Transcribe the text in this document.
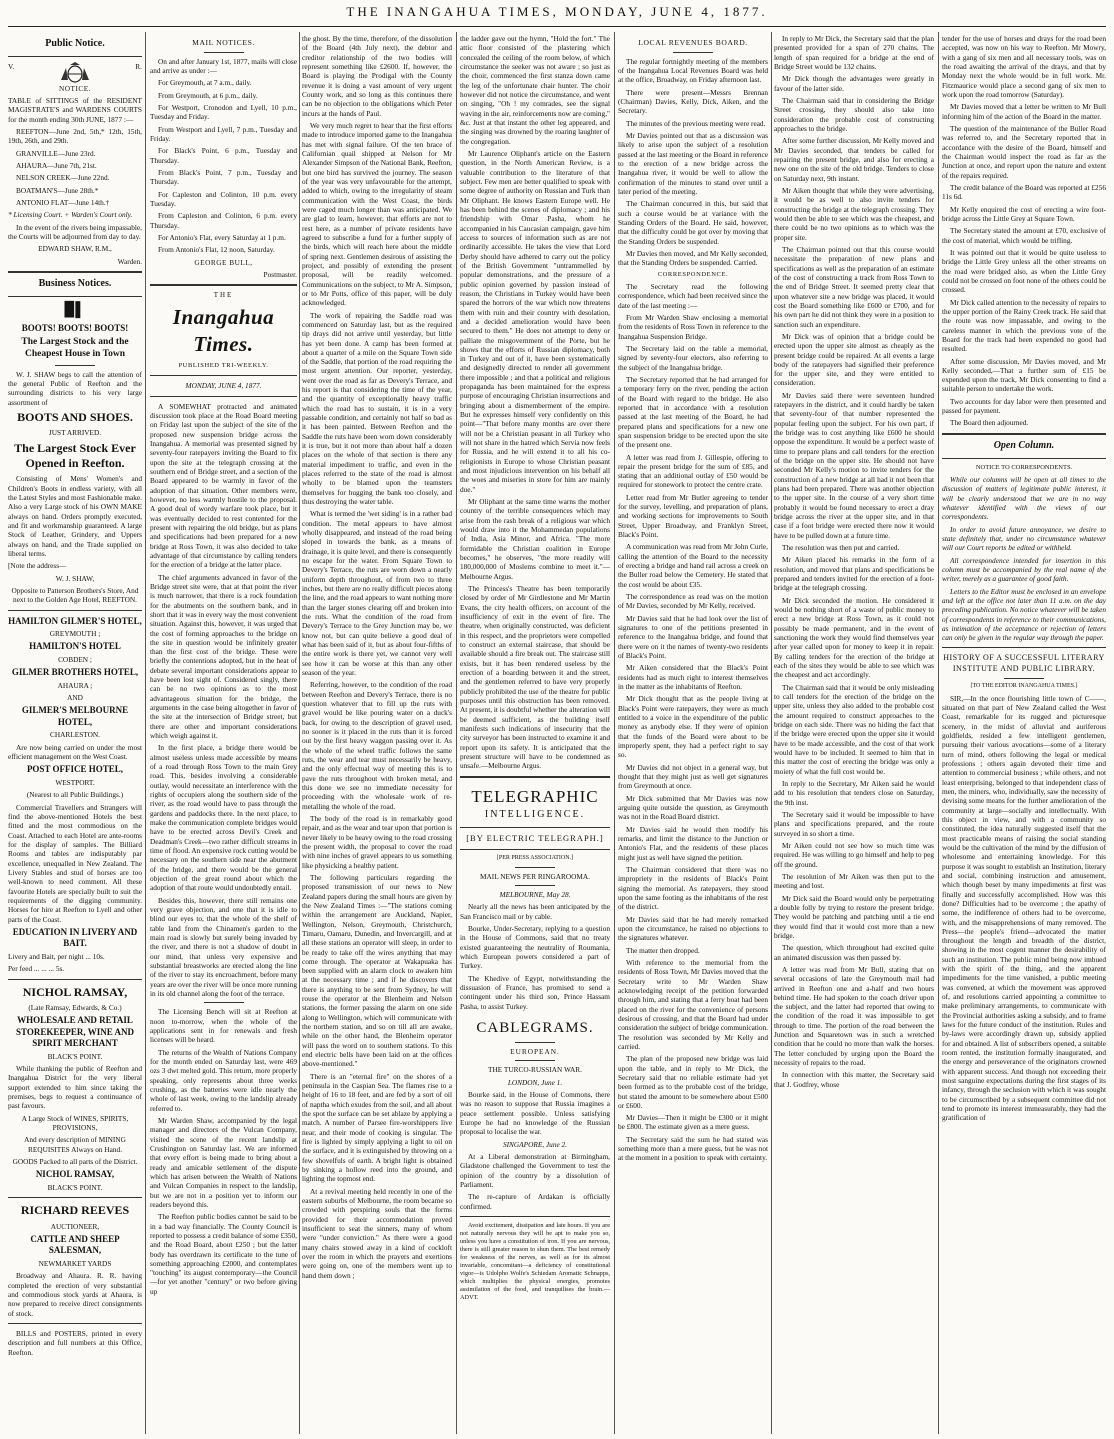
THE INANGAHUA TIMES, MONDAY, JUNE 4, 1877.
Public Notice.
V.	R.

NOTICE.

TABLE of SITTINGS of the RESIDENT MAGISTRATE'S and WARDENS COURTS for the month ending 30th JUNE, 1877 :—

REEFTON—June 2nd, 5th,* 12th, 15th, 19th, 26th, and 29th.

GRANVILLE—June 23rd.

AHAURA—June 7th, 21st.

NELSON CREEK—June 22nd.

BOATMAN'S—June 28th.*

ANTONIO FLAT—June 14th.†

* Licensing Court. + Warden's Court only.

In the event of the rivers being impassable, the Courts will be adjourned from day to day.

EDWARD SHAW, R.M.,

Warden.

Business Notices.
▉▌

BOOTS! BOOTS! BOOTS!

The Largest Stock and the Cheapest House in Town

W. J. SHAW begs to call the attention of the general Public of Reefton and the surrounding districts to his very large assortment of

BOOTS AND SHOES.

JUST ARRIVED.

The Largest Stock Ever Opened in Reefton.

Consisting of Mens' Women's and Children's Boots in endless variety, with all the Latest Styles and most Fashionable make. Also a very Large stock of his OWN MAKE always on hand. Orders promptly executed, and fit and workmanship guaranteed. A large Stock of Leather, Grindery, and Uppers always on hand, and the Trade supplied on liberal terms.

[Note the address—

W. J. SHAW,

Opposite to Patterson Brothers's Store, And next to the Golden Age Hotel, REEFTON.

HAMILTON GILMER'S HOTEL,

GREYMOUTH ;

HAMILTON'S HOTEL

COBDEN ;

GILMER BROTHERS HOTEL,

AHAURA ;

AND

GILMER'S MELBOURNE HOTEL,

CHARLESTON.

Are now being carried on under the most efficient management on the West Coast.

POST OFFICE HOTEL,

WESTPORT.

(Nearest to all Public Buildings.)

Commercial Travellers and Strangers will find the above-mentioned Hotels the best fitted and the most commodious on the Coast. Attached to each Hotel are ante-rooms for the display of samples. The Billiard Rooms and tables are indisputably par excellence, unequalled in New Zealand. The Livery Stables and stud of horses are too well-known to need comment. All these favourite Hotels are specially built to suit the requirements of the digging community. Horses for hire at Reefton to Lyell and other parts of the Coast.

EDUCATION IN LIVERY AND BAIT.

Livery and Bait, per night ... 10s.

Per feed ... ... ... 5s.

NICHOL RAMSAY,

(Late Ramsay, Edwards, & Co.)

WHOLESALE AND RETAIL STOREKEEPER, WINE AND SPIRIT MERCHANT

BLACK'S POINT.

While thanking the public of Reefton and Inangahua District for the very liberal support extended to him since taking the premises, begs to request a continuance of past favours.

A Large Stock of WINES, SPIRITS, PROVISIONS,

And every description of MINING REQUISITES Always on Hand.

GOODS Packed to all parts of the District.

NICHOL RAMSAY,

BLACK'S POINT.

RICHARD REEVES

AUCTIONEER,

CATTLE AND SHEEP SALESMAN,

NEWMARKET YARDS

Broadway and Ahaura. R. R. having completed the erection of very substantial and commodious stock yards at Ahaura, is now prepared to receive direct consignments of stock.

BILLS and POSTERS, printed in every description and full numbers at this Office, Reefton.

MAIL NOTICES.

On and after January 1st, 1877, mails will close and arrive as under :—

For Greymouth, at 7 a.m., daily.

From Greymouth, at 6 p.m., daily.

For Westport, Cronodon and Lyell, 10 p.m., Tuesday and Friday.

From Westport and Lyell, 7 p.m., Tuesday and Friday.

For Black's Point, 6 p.m., Tuesday and Thursday.

From Black's Point, 7 p.m., Tuesday and Thursday.

For Capleston and Colinton, 10 p.m. every Tuesday.

From Capleston and Colinton, 6 p.m. every Thursday.

For Antonio's Flat, every Saturday at 1 p.m.

From Antonio's Flat, 12 noon, Saturday.

GEORGE BULL,

Postmaster.

THE
Inangahua Times.
PUBLISHED TRI-WEEKLY.

MONDAY, JUNE 4, 1877.

A SOMEWHAT protracted and animated discussion took place at the Road Board meeting on Friday last upon the subject of the site of the proposed new suspension bridge across the Inangahua. A memorial was presented signed by seventy-four ratepayers inviting the Board to fix upon the site at the telegraph crossing at the southern end of Bridge street, and a section of the Board appeared to be warmly in favor of the adoption of that situation. Other members were, however, no less warmly hostile to the proposal. A good deal of wordy warfare took place, but it was eventually decided to rest contented for the present with repairing the old bridge, but as plans and specifications had been prepared for a new bridge at Ross Town, it was also decided to take advantage of that circumstance by calling tenders for the erection of a bridge at the latter place.

The chief arguments advanced in favor of the Bridge street site were, that at that point the river is much narrower, that there is a rock foundation for the abutments on the southern bank, and in short that it was in every way the most convenient situation. Against this, however, it was urged that the cost of forming approaches to the bridge on the site in question would be infinitely greater than the first cost of the bridge. These were briefly the contentions adopted, but in the heat of debate several important considerations appear to have been lost sight of. Considered singly, there can be no two opinions as to the most advantageous situation for the bridge, the arguments in the case being altogether in favor of the site at the intersection of Bridge street, but there are other and important considerations which weigh against it.

In the first place, a bridge there would be almost useless unless made accessible by means of a road through Ross Town to the main Grey road. This, besides involving a considerable outlay, would necessitate an interference with the rights of occupiers along the southern side of the river, as the road would have to pass through the gardens and paddocks there. In the next place, to make the communication complete bridges would have to be erected across Devil's Creek and Deadman's Creek—two rather difficult streams in time of flood. An expensive rock cutting would be necessary on the southern side near the abutment of the bridge, and there would be the general objection of the great round about which the adoption of that route would undoubtedly entail.

Besides this, however, there still remains one very grave objection, and one that it is idle to blind our eyes to, that the whole of the shelf of table land from the Chinamen's garden to the main road is slowly but surely being invaded by the river, and there is not a shadow of doubt in our mind, that unless very expensive and substantial breastworks are erected along the line of the river to stay its encroachment, before many years are over the river will be once more running in its old channel along the foot of the terrace.

The Licensing Bench will sit at Reefton at noon to-morrow, when the whole of the applications sent in for renewals and fresh licenses will be heard.

The returns of the Wealth of Nations Company for the month ended on Saturday last, were 469 ozs 3 dwt melted gold. This return, more properly speaking, only represents about three weeks crushing, as the batteries were idle nearly the whole of last week, owing to the landslip already referred to.

Mr Warden Shaw, accompanied by the legal manager and directors of the Vulcan Company, visited the scene of the recent landslip at Crushington on Saturday last. We are informed that every effort is being made to bring about a ready and amicable settlement of the dispute which has arisen between the Wealth of Nations and Vulcan Companies in respect to the landslip, but we are not in a position yet to inform our readers beyond this.

The Reefton public bodies cannot be said to be in a bad way financially. The County Council is reported to possess a credit balance of some £350, and the Road Board, about £250 ; but the latter body has overdrawn its certificate to the tune of something approaching £2000, and contemplates "touching" its august contemporary—the Council—for yet another "century" or two before giving up

the ghost. By the time, therefore, of the dissolution of the Board (4th July next), the debtor and creditor relationship of the two bodies will represent something like £2600. If, however, the Board is playing the Prodigal with the County revenue it is doing a vast amount of very urgent County work, and so long as this continues there can be no objection to the obligations which Peter incurs at the hands of Paul.

We very much regret to hear that the first efforts made to introduce imported game to the Inangahua has met with signal failure. Of the ten brace of Californian quail shipped at Nelson for Mr Alexander Simpson of the National Bank, Reefton, but one bird has survived the journey. The season of the year was very unfavourable for the attempt, added to which, owing to the irregularity of steam communication with the West Coast, the birds were caged much longer than was anticipated. We are glad to learn, however, that efforts are not to rest here, as a number of private residents have agreed to subscribe a fund for a further supply of the birds, which will reach here about the middle of spring next. Gentlemen desirous of assisting the project, and possibly of extending the present proposal, will be readily welcomed. Communications on the subject, to Mr A. Simpson, or to Mr Potts, office of this paper, will be duly acknowledged.

The work of repairing the Saddle road was commenced on Saturday last, but as the required tip drays did not arrive until yesterday, but little has yet been done. A camp has been formed at about a quarter of a mile on the Square Town side of the Saddle, that portion of the road requiring the most urgent attention. Our reporter, yesterday, went over the road as far as Devery's Terrace, and his report is that considering the time of the year, and the quantity of exceptionally heavy traffic which the road has to sustain, it is in a very passable condition, and certainly not half so bad as it has been painted. Between Reefton and the Saddle the ruts have been worn down considerably it is true, but it not more than about half a dozen places on the whole of that section is there any material impediment to traffic, and even in the places referred to the state of the road is almost wholly to be blamed upon the teamsters themselves for hugging the bank too closely, and thus destroying the water table.

What is termed the 'wet siding' is in a rather bad condition. The metal appears to have almost wholly disappeared, and instead of the road being sloped in towards the bank, as a means of drainage, it is quite level, and there is consequently no escape for the water. From Square Town to Devery's Terrace, the ruts are worn down a nearly uniform depth throughout, of from two to three inches, but there are no really difficult pieces along the line, and the road appears to want nothing more than the larger stones clearing off and broken into the ruts. What the condition of the road from Devery's Terrace to the Grey Junction may be, we know not, but can quite believe a good deal of what has been said of it, but as about four-fifths of the entire work is there yet, we cannot very well see how it can be worse at this than any other season of the year.

Referring, however, to the condition of the road between Reefton and Devery's Terrace, there is no question whatever that to fill up the ruts with gravel would be like pouring water on a duck's back, for owing to the description of gravel used, no sooner is it placed in the ruts than it is forced out by the first heavy waggon passing over it. As the whole of the wheel traffic follows the same ruts, the wear and tear must necessarily be heavy, and the only effectual way of meeting this is to pave the ruts throughout with broken metal, and this done we see no immediate necessity for proceeding with the wholesale work of re-metalling the whole of the road.

The body of the road is in remarkably good repair, and as the wear and tear upon that portion is never likely to be heavy owing to the road crossing the present width, the proposal to cover the road with nine inches of gravel appears to us something like physicking a healthy patient.

The following particulars regarding the proposed transmission of our news to New Zealand papers during the small hours are given by the New Zealand Times :—"The stations coming within the arrangement are Auckland, Napier, Wellington, Nelson, Greymouth, Christchurch, Timaru, Oamaru, Dunedin, and Invercargill, and at all these stations an operator will sleep, in order to be ready to take off the wires anything that may come through. The operator at Wakapuaka has been supplied with an alarm clock to awaken him at the necessary time ; and if he discovers that there is anything to be sent from Sydney, he will rouse the operator at the Blenheim and Nelson stations, the former passing the alarm on one side along to Wellington, which will communicate with the northern station, and so on till all are awake, while on the other hand, the Blenheim operator will pass the word on to southern stations. To this end electric bells have been laid on at the offices above-mentioned."

There is an "eternal fire" on the shores of a peninsula in the Caspian Sea. The flames rise to a height of 16 to 18 feet, and are fed by a sort of oil of naptha which exudes from the soil, and all about the spot the surface can be set ablaze by applying a match. A number of Parsee fire-worshippers live near, and their mode of cooking is singular. The fire is lighted by simply applying a light to oil on the surface, and it is extinguished by throwing on a few shovelfuls of earth. A bright light is obtained by sinking a hollow reed into the ground, and lighting the topmost end.

At a revival meeting held recently in one of the eastern suburbs of Melbourne, the room became so crowded with perspiring souls that the forms provided for their accommodation proved insufficient to seat the sinners, many of whom were "under conviction." As there were a good many chairs stowed away in a kind of cockloft over the room in which the prayers and exertions were going on, one of the members went up to hand them down ;

the ladder gave out the hymn, "Hold the fort." The attic floor consisted of the plastering which concealed the ceiling of the room below, of which circumstance the seeker was not aware ; so just as the choir, commenced the first stanza down came the leg of the unfortunate chair hunter. The choir however did not notice the circumstance, and went on singing, "Oh ! my comrades, see the signal waving in the air, reinforcements now are coming," &c. Just at that instant the other leg appeared, and the singing was drowned by the roaring laughter of the congregation.

Mr Laurence Oliphant's article on the Eastern question, in the North American Review, is a valuable contribution to the literature of that subject. Few men are better qualified to speak with some degree of authority on Russian and Turk than Mr Oliphant. He knows Eastern Europe well. He has been behind the scenes of diplomacy ; and his friendship with Omar Pasha, whom he accompanied in his Caucasian campaign, gave him access to sources of information such as are not ordinarily accessible. He takes the view that Lord Derby should have adhered to carry out the policy of the British Government "untrammelled by popular demonstrations, and the pressure of a public opinion governed by passion instead of reason, the Christians in Turkey would have been spared the horrors of the war which now threatens them with ruin and their country with desolation, and a decided amelioration would have been secured to them." He does not attempt to deny or palliate the misgovernment of the Porte, but he shows that the efforts of Russian diplomacy, both in Turkey and out of it, have been systematically and designedly directed to render all government there impossible ; and that a political and religious propaganda has been maintained for the express purpose of encouraging Christian insurrections and bringing about a dismemberment of the empire. But he expresses himself very confidently on this point—"That before many months are over there will not be a Christian peasant in all Turkey who will not share in the hatred which Servia now feels for Russia, and he will extend it to all his co-religionists in Europe to whose Christian peasant and most injudicious intervention on his behalf all the woes and miseries in store for him are mainly due."

Mr Oliphant at the same time warns the mother country of the terrible consequences which may arise from the rash break of a religious war which would draw into it the Mohammedan populations of India, Asia Minor, and Africa. "The more formidable the Christian coalition in Europe becomes," he observes, "the more readily will 180,000,000 of Moslems combine to meet it."—Melbourne Argus.

The Princess's Theatre has been temporarily closed by order of Mr Girdlestone and Mr Martin Evans, the city health officers, on account of the insufficiency of exit in the event of fire. The theatre, when originally constructed, was deficient in this respect, and the proprietors were compelled to construct an external staircase, that should be available should a fire break out. The staircase still exists, but it has been rendered useless by the erection of a boarding between it and the street, and the gentlemen referred to have very properly publicly prohibited the use of the theatre for public purposes until this obstruction has been removed. At present, it is doubtful whether the alteration will be deemed sufficient, as the building itself manifests such indications of insecurity that the city surveyor has been instructed to examine it and report upon its safety. It is anticipated that the present structure will have to be condemned as unsafe.—Melbourne Argus.

TELEGRAPHIC
INTELLIGENCE.

[BY ELECTRIC TELEGRAPH.]

[PER PRESS ASSOCIATION.]

MAIL NEWS PER RINGAROOMA.

MELBOURNE, May 28.

Nearly all the news has been anticipated by the San Francisco mail or by cable.

Bourke, Under-Secretary, replying to a question in the House of Commons, said that no treaty existed guaranteeing the neutrality of Roumania, which European powers considered a part of Turkey.

The Khedive of Egypt, notwithstanding the dissuasion of France, has promised to send a contingent under his third son, Prince Hassam Pasha, to assist Turkey.

CABLEGRAMS.

EUROPEAN.

THE TURCO-RUSSIAN WAR.

LONDON, June 1.

Bourke said, in the House of Commons, there was no reason to suppose that Russia imagines a peace settlement possible. Unless satisfying Europe he had no knowledge of the Russian proposal to localise the war.

SINGAPORE, June 2.

At a Liberal demonstration at Birmingham, Gladstone challenged the Government to test the opinion of the country by a dissolution of Parliament.

The re-capture of Ardakan is officially confirmed.

Avoid excitement, dissipation and late hours. If you are not naturally nervous they will be apt to make you so, unless you have a constitution of iron. If you are nervous, there is still greater reason to shun them. The best remedy for weakness of the nerves, as well as for its almost invariable, concomitant—a deficiency of constitutional vigor—is Udolpho Wolfe's Schiedam Aromatic Schnapps, which multiplies the physical energies, promotes assimilation of the food, and tranquilises the brain.—ADVT.

LOCAL REVENUES BOARD.

The regular fortnightly meeting of the members of the Inangahua Local Revenues Board was held at the office, Broadway, on Friday afternoon last.

There were present—Messrs Brennan (Chairman) Davies, Kelly, Dick, Aiken, and the Secretary.

The minutes of the previous meeting were read.

Mr Davies pointed out that as a discussion was likely to arise upon the subject of a resolution passed at the last meeting or the Board in reference to the erection of a new bridge across the Inangahua river, it would be well to allow the confirmation of the minutes to stand over until a later period of the meeting.

The Chairman concurred in this, but said that such a course would be at variance with the Standing Orders of the Board. He said, however, that the difficulty could be got over by moving that the Standing Orders be suspended.

Mr Davies then moved, and Mr Kelly seconded, that the Standing Orders be suspended. Carried.

CORRESPONDENCE.

The Secretary read the following correspondence, which had been received since the date of the last meeting :—

From Mr Warden Shaw enclosing a memorial from the residents of Ross Town in reference to the Inangahua Suspension Bridge.

The Secretary laid on the table a memorial, signed by seventy-four electors, also referring to the subject of the Inangahua bridge.

The Secretary reported that he had arranged for a temporary ferry on the river, pending the action of the Board with regard to the bridge. He also reported that in accordance with a resolution passed at the last meeting of the Board, he had prepared plans and specifications for a new one span suspension bridge to be erected upon the site of the present one.

A letter was read from J. Gillespie, offering to repair the present bridge for the sum of £85, and stating that an additional outlay of £50 would be required for stonework to protect the centre crate.

Letter read from Mr Butler agreeing to tender for the survey, levelling, and preparation of plans, and working sections for improvements to South Street, Upper Broadway, and Franklyn Street, Black's Point.

A communication was read from Mr John Curle, calling the attention of the Board to the necessity of erecting a bridge and hand rail across a creek on the Buller road below the Cemetery. He stated that the cost would be about £35.

The correspondence as read was on the motion of Mr Davies, seconded by Mr Kelly, received.

Mr Davies said that he had look over the list of signatures to one of the petitions presented in reference to the Inangahua bridge, and found that there were on it the names of twenty-two residents of Black's Point.

Mr Aiken considered that the Black's Point residents had as much right to interest themselves in the matter as the inhabitants of Reefton.

Mr Dick thought that as the people living at Black's Point were ratepayers, they were as much entitled to a voice in the expenditure of the public money as anybody else. If they were of opinion that the funds of the Board were about to be improperly spent, they had a perfect right to say so.

Mr Davies did not object in a general way, but thought that they might just as well get signatures from Greymouth at once.

Mr Dick submitted that Mr Davies was now arguing quite outside the question, as Greymouth was not in the Road Board district.

Mr Davies said he would then modify his remarks, and limit the distance to the Junction or Antonio's Flat, and the residents of these places might just as well have signed the petition.

The Chairman considered that there was no impropriety in the residents of Black's Point signing the memorial. As ratepayers, they stood upon the same footing as the inhabitants of the rest of the district.

Mr Davies said that he had merely remarked upon the circumstance, he raised no objections to the signatures whatever.

The matter then dropped.

With reference to the memorial from the residents of Ross Town, Mr Davies moved that the Secretary write to Mr Warden Shaw acknowledging receipt of the petition forwarded through him, and stating that a ferry boat had been placed on the river for the convenience of persons desirous of crossing, and that the Board had under consideration the subject of bridge communication. The resolution was seconded by Mr Kelly and carried.

The plan of the proposed new bridge was laid upon the table, and in reply to Mr Dick, the Secretary said that no reliable estimate had yet been formed as to the probable cost of the bridge, but stated the amount to be somewhere about £500 or £600.

Mr Davies—Then it might be £300 or it might be £800. The estimate given as a mere guess.

The Secretary said the sum he had stated was something more than a mere guess, but he was not at the moment in a position to speak with certainty.

In reply to Mr Dick, the Secretary said that the plan presented provided for a span of 270 chains. The length of span required for a bridge at the end of Bridge Street would be 132 chains.

Mr Dick though the advantages were greatly in favour of the latter side.

The Chairman said that in considering the Bridge Street crossing, they should also take into consideration the probable cost of constructing approaches to the bridge.

After some further discussion, Mr Kelly moved and Mr Davies seconded, that tenders be called for repairing the present bridge, and also for erecting a new one on the site of the old bridge. Tenders to close on Saturday next, 9th instant.

Mr Aiken thought that while they were advertising, it would be as well to also invite tenders for constructing the bridge at the telegraph crossing. They would then be able to see which was the cheapest, and there could be no two opinions as to which was the proper site.

The Chairman pointed out that this course would necessitate the preparation of new plans and specifications as well as the preparation of an estimate of the cost of constructing a track from Ross Town to the end of Bridge Street. It seemed pretty clear that upon whatever site a new bridge was placed, it would cost the Board something like £600 or £700, and for his own part he did not think they were in a position to sanction such an expenditure.

Mr Dick was of opinion that a bridge could be erected upon the upper site almost as cheaply as the present bridge could be repaired. At all events a large body of the ratepayers had signified their preference for the upper site, and they were entitled to consideration.

Mr Davies said there were seventeen hundred ratepayers in the district, and it could hardly be taken that seventy-four of that number represented the popular feeling upon the subject. For his own part, if the bridge was to cost anything like £600 he should oppose the expenditure. It would be a perfect waste of time to prepare plans and call tenders for the erection of the bridge on the upper site. He should not have seconded Mr Kelly's motion to invite tenders for the construction of a new bridge at all had it not been that plans had been prepared. There was another objection to the upper site. In the course of a very short time probably it would be found necessary to erect a dray bridge across the river at the upper site, and in that case if a foot bridge were erected there now it would have to be pulled down at a future time.

The resolution was then put and carried.

Mr Aiken placed his remarks in the form of a resolution, and moved that plans and specifications be prepared and tenders invited for the erection of a foot-bridge at the telegraph crossing.

Mr Dick seconded the motion. He considered it would be nothing short of a waste of public money to erect a new bridge at Ross Town, as it could not possibly be made permanent, and in the event of sanctioning the work they would find themselves year after year called upon for money to keep it in repair. By calling tenders for the erection of the bridge at each of the sites they would be able to see which was the cheapest and act accordingly.

The Chairman said that it would be only misleading to call tenders for the erection of the bridge on the upper site, unless they also added to the probable cost the amount required to construct approaches to the bridge on each side. There was no hiding the fact that if the bridge were erected upon the upper site it would have to be made accessible, and the cost of that work would have to be included. It seemed to him that in this matter the cost of erecting the bridge was only a moiety of what the full cost would be.

In reply to the Secretary, Mr Aiken said he would add to his resolution that tenders close on Saturday, the 9th inst.

The Secretary said it would be impossible to have plans and specifications prepared, and the route surveyed in so short a time.

Mr Aiken could not see how so much time was required. He was willing to go himself and help to peg off the ground.

The resolution of Mr Aiken was then put to the meeting and lost.

Mr Dick said the Board would only be perpetrating a double folly by trying to restore the present bridge. They would be patching and patching until a tie end they would find that it would cost more than a new bridge.

The question, which throughout had excited quite an animated discussion was then passed by.

A letter was read from Mr Bull, stating that on several occasions of late the Greymouth mail had arrived in Reefton one and a-half and two hours behind time. He had spoken to the coach driver upon the subject, and the latter had reported that owing to the condition of the road it was impossible to get through to time. The portion of the road between the Junction and Squaretown was in such a wretched condition that he could no more than walk the horses. The letter concluded by urging upon the Board the necessity of repairs to the road.

In connection with this matter, the Secretary said that J. Godfrey, whose

tender for the use of horses and drays for the road been accepted, was now on his way to Reefton. Mr Mowry, with a gang of six men and all necessary tools, was on the road awaiting the arrival of the drays, and that by Monday next the whole would be in full work. Mr. Fitzmaurice would place a second gang of six men to work upon the road tomorrow (Saturday).

Mr Davies moved that a letter be written to Mr Bull informing him of the action of the Board in the matter.

The question of the maintenance of the Buller Road was referred to, and the Secretary reported that in accordance with the desire of the Board, himself and the Chairman would inspect the road as far as the Junction at once, and report upon the nature and extent of the repairs required.

The credit balance of the Board was reported at £256 11s 6d.

Mr Kelly enquired the cost of erecting a wire foot-bridge across the Little Grey at Square Town.

The Secretary stated the amount at £70, exclusive of the cost of material, which would be trifling.

It was pointed out that it would be quite useless to bridge the Little Grey unless all the other streams on the road were bridged also, as when the Little Grey could not be crossed on foot none of the others could be crossed.

Mr Dick called attention to the necessity of repairs to the upper portion of the Rainy Creek track. He said that the route was now impassable, and owing to the careless manner in which the previous vote of the Board for the track had been expended no good had resulted.

After some discussion, Mr Davies moved, and Mr Kelly seconded,—That a further sum of £15 be expended upon the track, Mr Dick consenting to find a suitable person to undertake the work.

Two accounts for day labor were then presented and passed for payment.

The Board then adjourned.

Open Column.

NOTICE TO CORRESPONDENTS.

While our columns will be open at all times to the discussion of matters of legitimate public interest, it will be clearly understood that we are in no way whatever identified with the views of our correspondents.

In order to avoid future annoyance, we desire to state definitely that, under no circumstance whatever will our Court reports be edited or withheld.

All correspondence intended for insertion in this column must be accompanied by the real name of the writer, merely as a guarantee of good faith.

Letters to the Editor must be enclosed in an envelope and left at the office not later than 11 a.m. on the day preceding publication. No notice whatever will be taken of correspondents in reference to their communications, as intimation of the acceptance or rejection of letters can only be given in the regular way through the paper.

HISTORY OF A SUCCESSFUL LITERARY INSTITUTE AND PUBLIC LIBRARY.

[TO THE EDITOR INANGAHUA TIMES.]

SIR,—In the once flourishing little town of C——, situated on that part of New Zealand called the West Coast, remarkable for its rugged and picturesque scenery, in the midst of alluvial and auriferous goldfields, resided a few intelligent gentlemen, pursuing their various avocations—some of a literary turn of mind, others following the legal or medical professions ; others again devoted their time and attention to commercial business ; while others, and not least enterprising, belonged to that independent class of men, the miners, who, individually, saw the necessity of devising some means for the further amelioration of the community at large—socially and intellectually. With this object in view, and with a community so constituted, the idea naturally suggested itself that the most practicable means of raising the social standing would be the cultivation of the mind by the diffusion of wholesome and entertaining knowledge. For this purpose it was sought to establish an Institution, literary and social, combining instruction and amusement, which though beset by many impediments at first was finally and successfully accomplished. How was this done? Difficulties had to be overcome ; the apathy of some, the indifference of others had to be overcome, with, and the misapprehensions of many removed. The Press—the people's friend—advocated the matter throughout the length and breadth of the district, showing in the most cogent manner the desirability of such an institution. The public mind being now imbued with the spirit of the thing, and the apparent impediments for the time vanished, a public meeting was convened, at which the movement was approved of, and resolutions carried appointing a committee to make preliminary arrangements, to communicate with the Provincial authorities asking a subsidy, and to frame laws for the future conduct of the institution. Rules and by-laws were accordingly drawn up, subsidy applied for and obtained. A list of subscribers opened, a suitable room rented, the institution formally inaugurated, and the energy and perseverance of the originators crowned with apparent success. And though not exceeding their most sanguine expectations during the first stages of its infancy, through the seclusion with which it was sought to be circumscribed by a subsequent committee did not tend to promote its interest immeasurably, they had the gratification of
